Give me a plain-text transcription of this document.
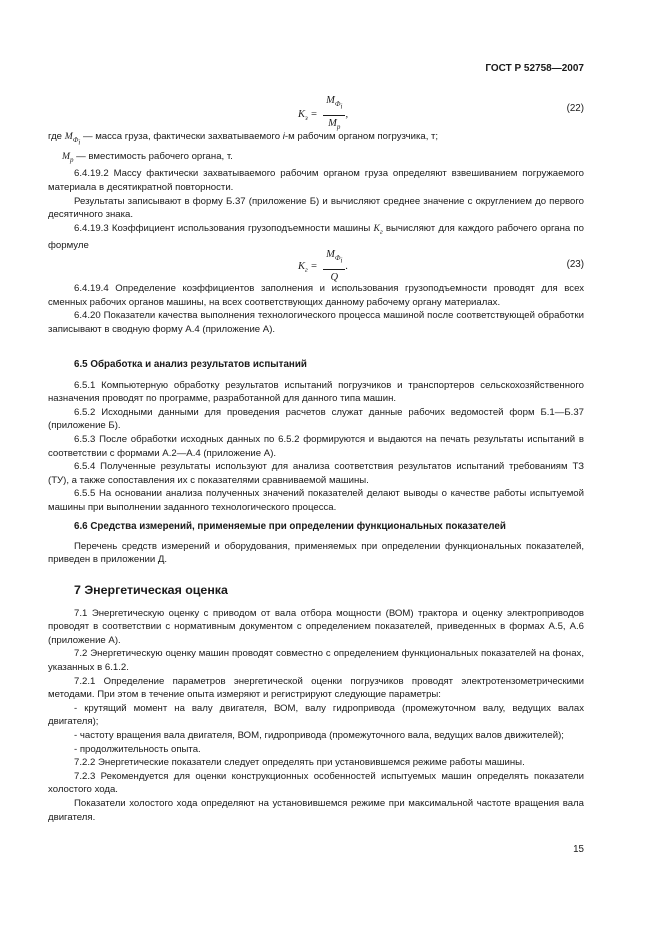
ГОСТ Р 52758—2007
$K_з = \frac{M_{Ф_i}}{M_р}$ ,
(22)

где $M_{Ф_i}$ — масса груза, фактически захватываемого i-м рабочим органом погрузчика, т;

$M_р$ — вместимость рабочего органа, т.

6.4.19.2 Массу фактически захватываемого рабочим органом груза определяют взвешиванием погружаемого материала в десятикратной повторности.

Результаты записывают в форму Б.37 (приложение Б) и вычисляют среднее значение с округлением до первого десятичного знака.

6.4.19.3 Коэффициент использования грузоподъемности машины $K_г$ вычисляют для каждого рабочего органа по формуле

$K_г = \frac{M_{Ф_i}}{Q}$ .	(23)

6.4.19.4 Определение коэффициентов заполнения и использования грузоподъемности проводят для всех сменных рабочих органов машины, на всех соответствующих данному рабочему органу материалах.

6.4.20 Показатели качества выполнения технологического процесса машиной после соответствующей обработки записывают в сводную форму А.4 (приложение А).

6.5 Обработка и анализ результатов испытаний

6.5.1 Компьютерную обработку результатов испытаний погрузчиков и транспортеров сельскохозяйственного назначения проводят по программе, разработанной для данного типа машин.

6.5.2 Исходными данными для проведения расчетов служат данные рабочих ведомостей форм Б.1—Б.37 (приложение Б).

6.5.3 После обработки исходных данных по 6.5.2 формируются и выдаются на печать результаты испытаний в соответствии с формами А.2—А.4 (приложение А).

6.5.4 Полученные результаты используют для анализа соответствия результатов испытаний требованиям ТЗ (ТУ), а также сопоставления их с показателями сравниваемой машины.

6.5.5 На основании анализа полученных значений показателей делают выводы о качестве работы испытуемой машины при выполнении заданного технологического процесса.

6.6 Средства измерений, применяемые при определении функциональных показателей

Перечень средств измерений и оборудования, применяемых при определении функциональных показателей, приведен в приложении Д.

7 Энергетическая оценка

7.1 Энергетическую оценку с приводом от вала отбора мощности (ВОМ) трактора и оценку электроприводов проводят в соответствии с нормативным документом с определением показателей, приведенных в формах А.5, А.6 (приложение А).

7.2 Энергетическую оценку машин проводят совместно с определением функциональных показателей на фонах, указанных в 6.1.2.

7.2.1 Определение параметров энергетической оценки погрузчиков проводят электротензометрическими методами. При этом в течение опыта измеряют и регистрируют следующие параметры:

- крутящий момент на валу двигателя, ВОМ, валу гидропривода (промежуточном валу, ведущих валах двигателя);

- частоту вращения вала двигателя, ВОМ, гидропривода (промежуточного вала, ведущих валов движителей);

- продолжительность опыта.

7.2.2 Энергетические показатели следует определять при установившемся режиме работы машины.

7.2.3 Рекомендуется для оценки конструкционных особенностей испытуемых машин определять показатели холостого хода.

Показатели холостого хода определяют на установившемся режиме при максимальной частоте вращения вала двигателя.

15
